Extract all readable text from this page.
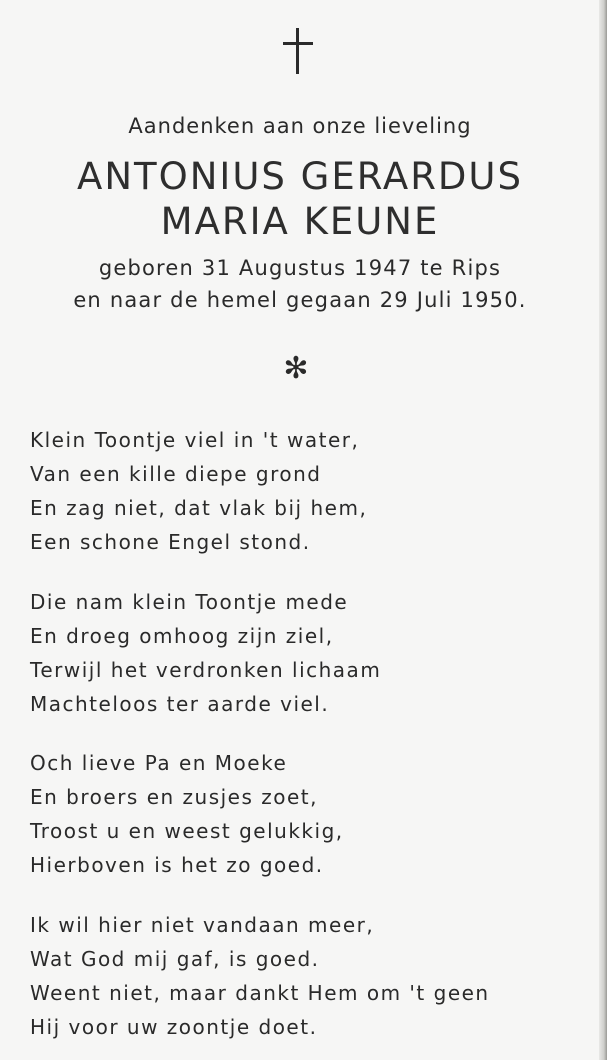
Aandenken aan onze lieveling
ANTONIUS GERARDUS
MARIA KEUNE
geboren 31 Augustus 1947 te Rips
en naar de hemel gegaan 29 Juli 1950.
✻
Klein Toontje viel in 't water,
Van een kille diepe grond
En zag niet, dat vlak bij hem,
Een schone Engel stond.
Die nam klein Toontje mede
En droeg omhoog zijn ziel,
Terwijl het verdronken lichaam
Machteloos ter aarde viel.
Och lieve Pa en Moeke
En broers en zusjes zoet,
Troost u en weest gelukkig,
Hierboven is het zo goed.
Ik wil hier niet vandaan meer,
Wat God mij gaf, is goed.
Weent niet, maar dankt Hem om 't geen
Hij voor uw zoontje doet.
